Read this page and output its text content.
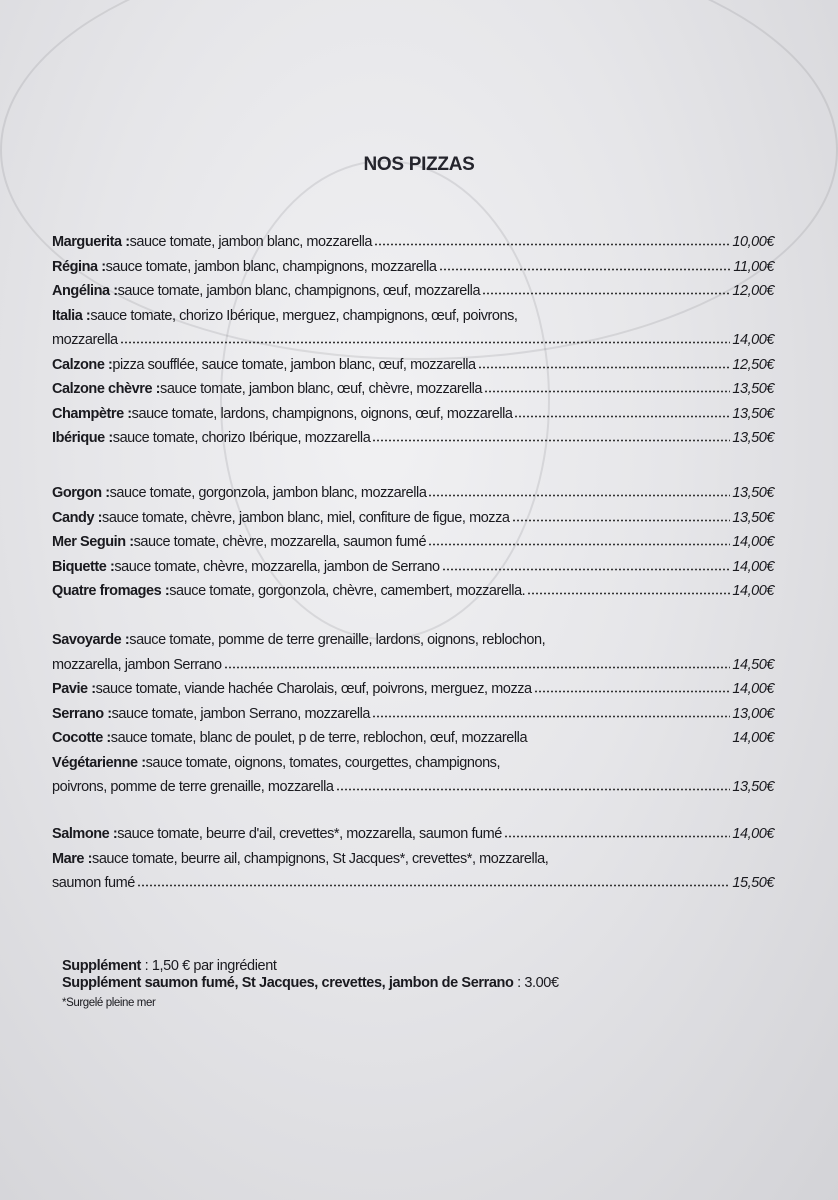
NOS PIZZAS
Marguerita : sauce tomate, jambon blanc, mozzarella	10,00€
Régina : sauce tomate, jambon blanc, champignons, mozzarella	11,00€
Angélina : sauce tomate, jambon blanc, champignons, œuf, mozzarella	12,00€
Italia : sauce tomate, chorizo Ibérique, merguez, champignons, œuf, poivrons,
mozzarella	14,00€
Calzone : pizza soufflée, sauce tomate, jambon blanc, œuf, mozzarella	12,50€
Calzone chèvre : sauce tomate, jambon blanc, œuf, chèvre, mozzarella	13,50€
Champètre : sauce tomate, lardons, champignons, oignons, œuf, mozzarella	13,50€
Ibérique : sauce tomate, chorizo Ibérique, mozzarella	13,50€
Gorgon : sauce tomate, gorgonzola, jambon blanc, mozzarella	13,50€
Candy : sauce tomate, chèvre, jambon blanc, miel, confiture de figue, mozza	13,50€
Mer Seguin : sauce tomate, chèvre, mozzarella, saumon fumé	14,00€
Biquette : sauce tomate, chèvre, mozzarella, jambon de Serrano	14,00€
Quatre fromages : sauce tomate, gorgonzola, chèvre, camembert, mozzarella.	14,00€
Savoyarde : sauce tomate, pomme de terre grenaille, lardons, oignons, reblochon,
mozzarella, jambon Serrano	14,50€
Pavie : sauce tomate, viande hachée Charolais, œuf, poivrons, merguez, mozza	14,00€
Serrano : sauce tomate, jambon Serrano, mozzarella	13,00€
Cocotte : sauce tomate, blanc de poulet, p de terre, reblochon, œuf, mozzarella	14,00€
Végétarienne : sauce tomate, oignons, tomates, courgettes, champignons,
poivrons, pomme de terre grenaille, mozzarella	13,50€
Salmone : sauce tomate, beurre d'ail, crevettes*, mozzarella, saumon fumé	14,00€
Mare : sauce tomate, beurre ail, champignons, St Jacques*, crevettes*, mozzarella,
saumon fumé	15,50€
Supplément : 1,50 € par ingrédient
Supplément saumon fumé, St Jacques, crevettes, jambon de Serrano : 3.00€
*Surgelé pleine mer
